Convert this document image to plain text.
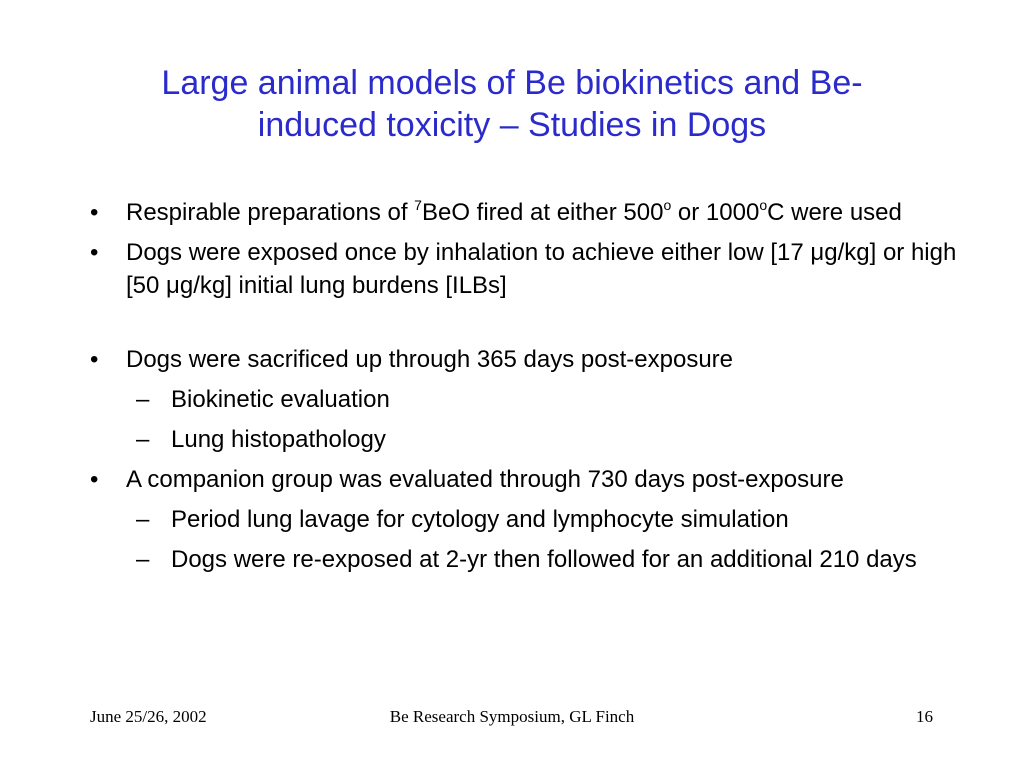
Large animal models of Be biokinetics and Be-
induced toxicity – Studies in Dogs
• Respirable preparations of $^7$BeO fired at either 500$^o$ or 1000$^o$C were used
• Dogs were exposed once by inhalation to achieve either low [17 μg/kg] or high [50 μg/kg] initial lung burdens [ILBs]
• Dogs were sacrificed up through 365 days post-exposure
– Biokinetic evaluation
– Lung histopathology
• A companion group was evaluated through 730 days post-exposure
– Period lung lavage for cytology and lymphocyte simulation
– Dogs were re-exposed at 2-yr then followed for an additional 210 days
June 25/26, 2002	Be Research Symposium, GL Finch	16
